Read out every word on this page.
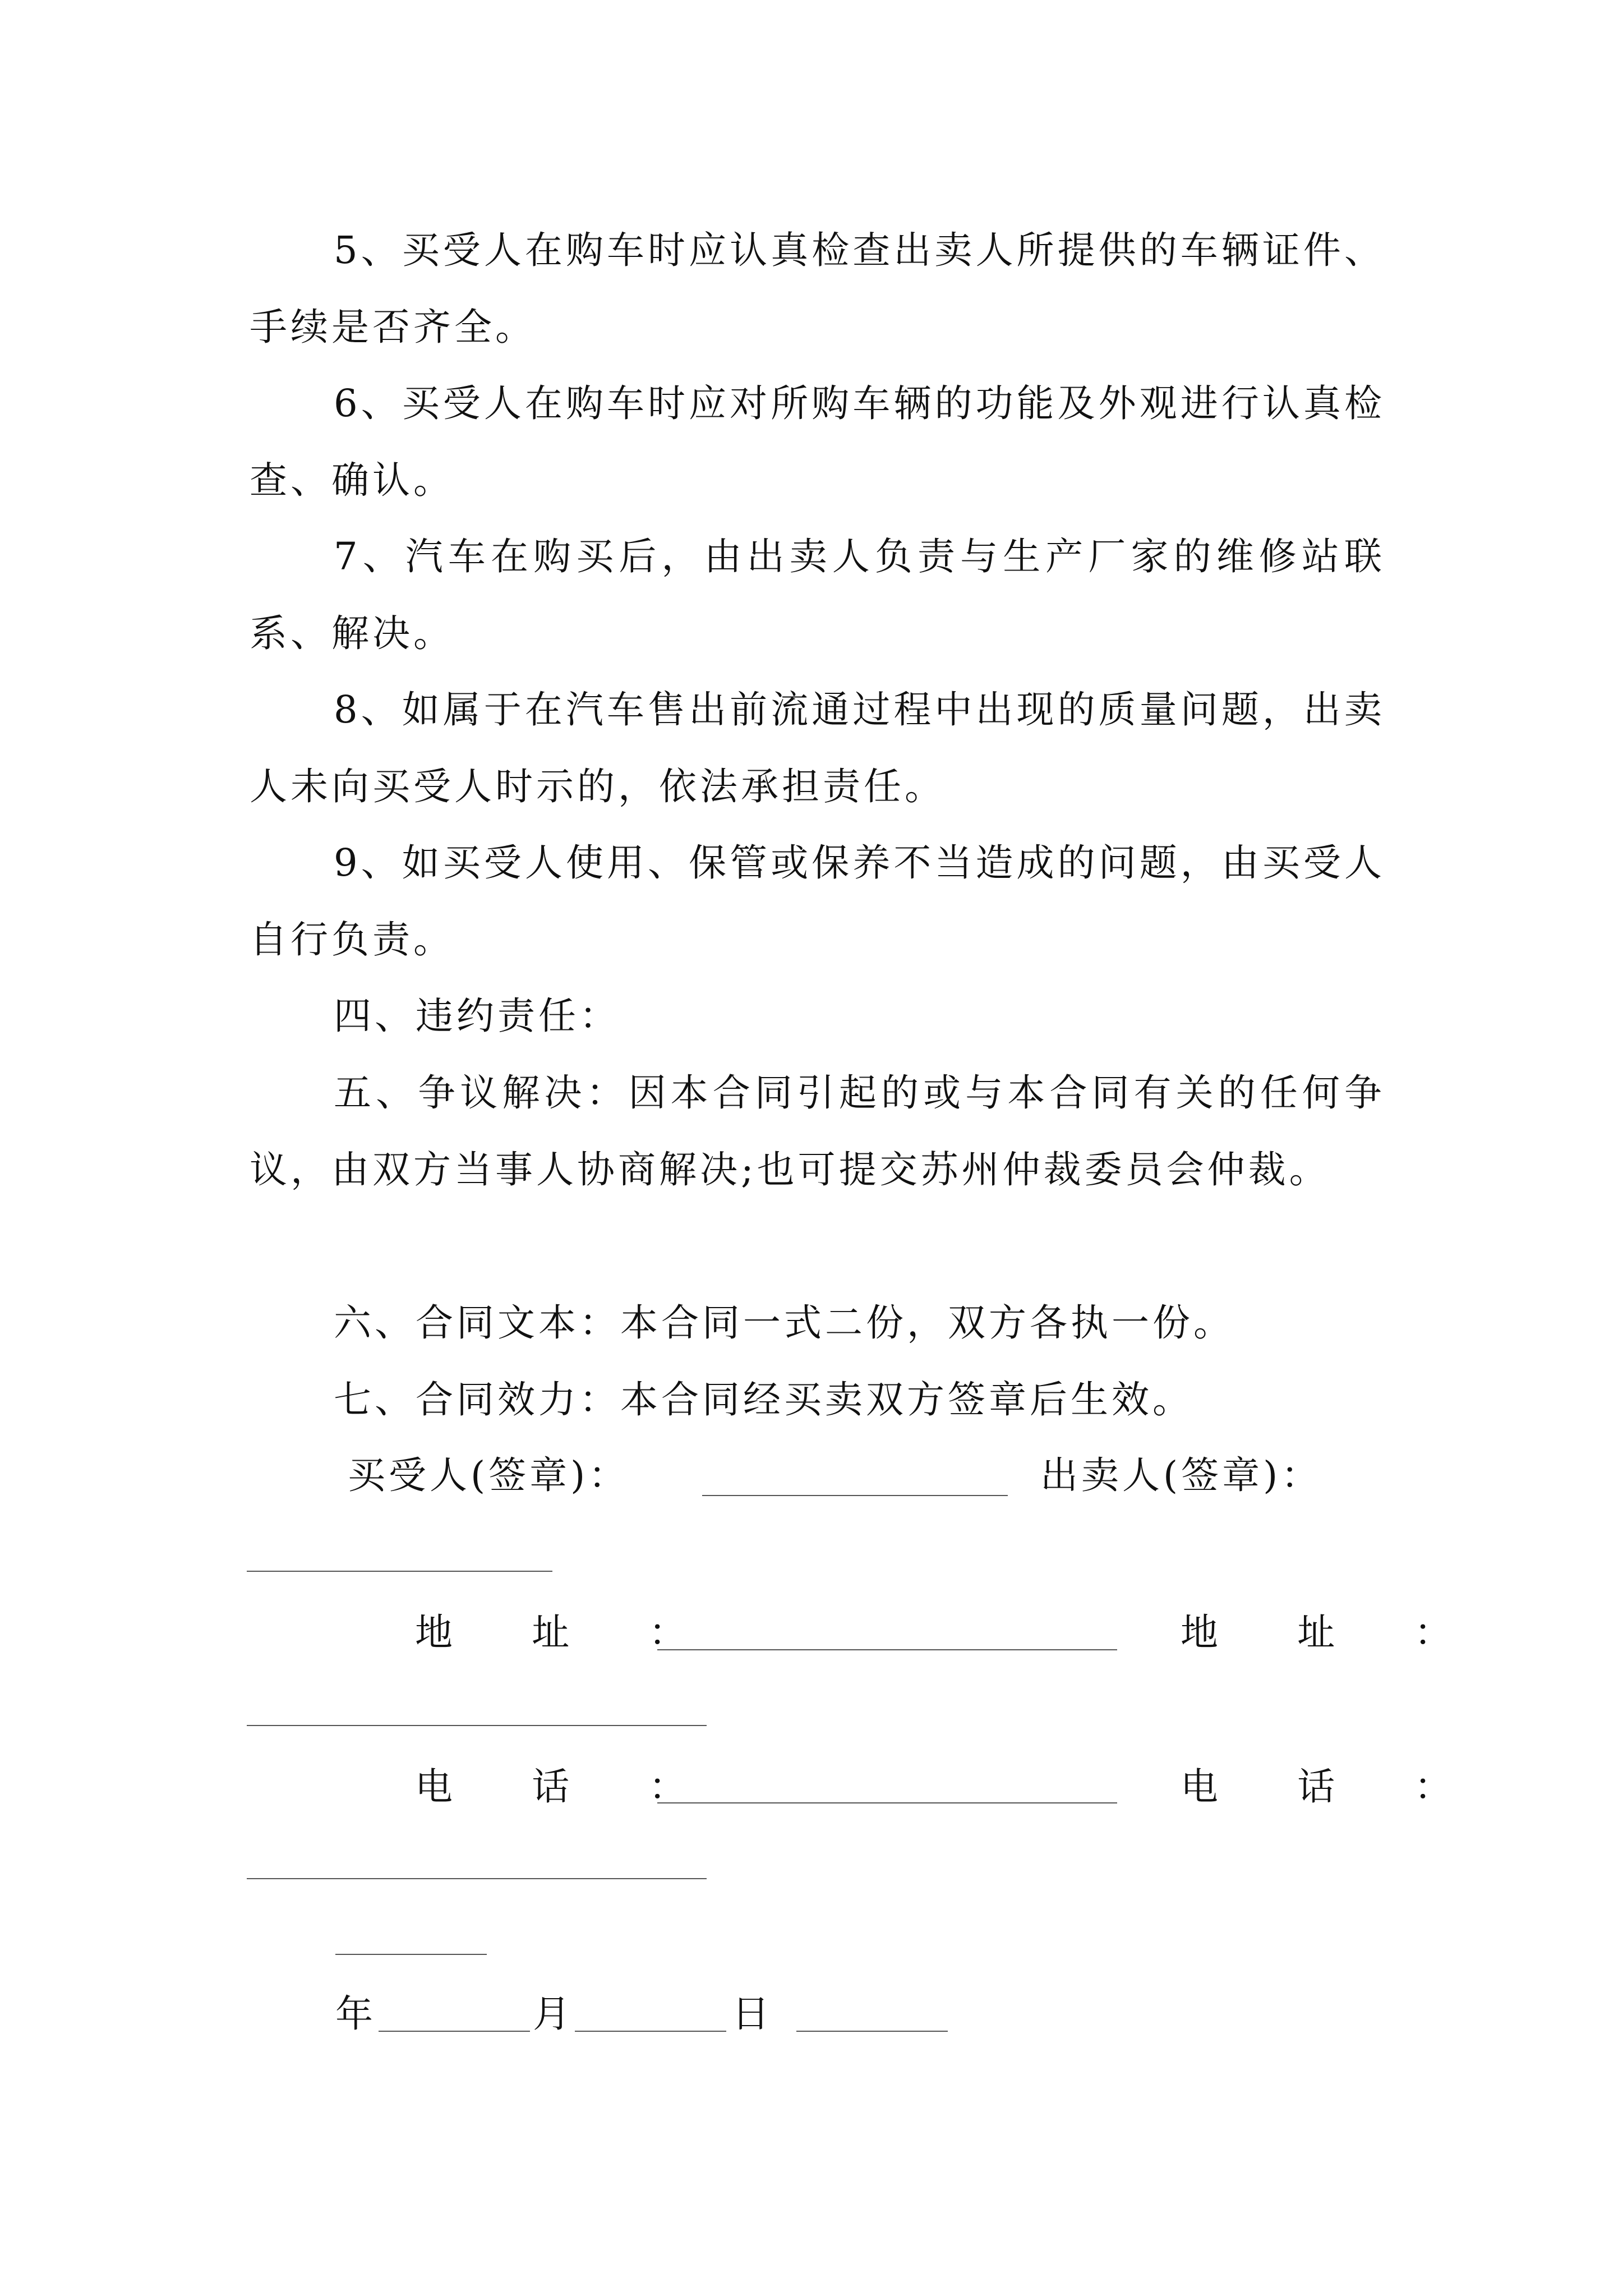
5、买受人在购车时应认真检查出卖人所提供的车辆证件、手续是否齐全。

6、买受人在购车时应对所购车辆的功能及外观进行认真检查、确认。

7、汽车在购买后，由出卖人负责与生产厂家的维修站联系、解决。

8、如属于在汽车售出前流通过程中出现的质量问题，出卖人未向买受人时示的，依法承担责任。

9、如买受人使用、保管或保养不当造成的问题，由买受人自行负责。

四、违约责任：

五、争议解决：因本合同引起的或与本合同有关的任何争议，由双方当事人协商解决;也可提交苏州仲裁委员会仲裁。

六、合同文本：本合同一式二份，双方各执一份。

七、合同效力：本合同经买卖双方签章后生效。

买受人(签章)：	出卖人(签章)：
地 址 ：	地 址 ：
电 话 ：	电 话 ：
年	月	日
